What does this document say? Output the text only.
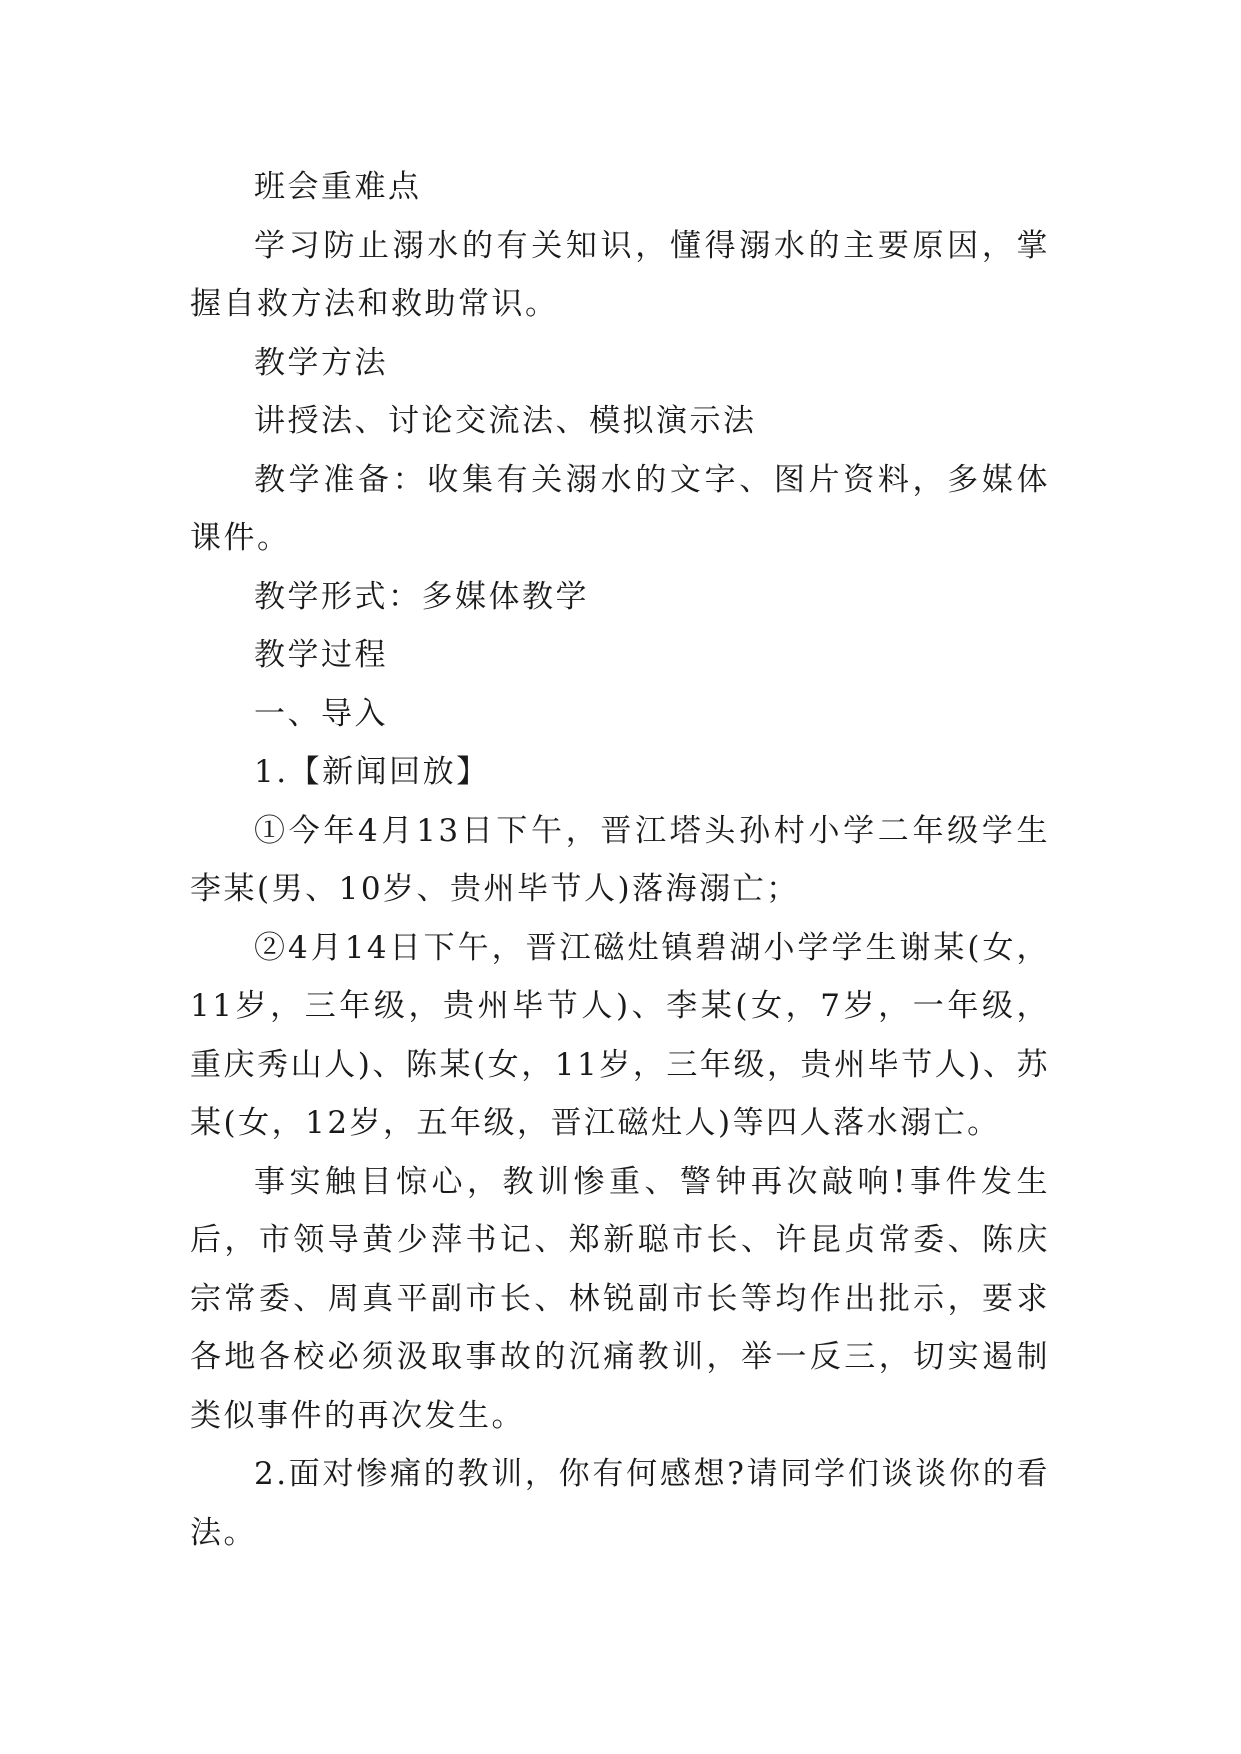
班会重难点

学习防止溺水的有关知识，懂得溺水的主要原因，掌握自救方法和救助常识。

教学方法

讲授法、讨论交流法、模拟演示法

教学准备：收集有关溺水的文字、图片资料，多媒体课件。

教学形式：多媒体教学

教学过程

一、导入

1.【新闻回放】

①今年4月13日下午，晋江塔头孙村小学二年级学生李某(男、10岁、贵州毕节人)落海溺亡；

②4月14日下午，晋江磁灶镇碧湖小学学生谢某(女，11岁，三年级，贵州毕节人)、李某(女，7岁，一年级，重庆秀山人)、陈某(女，11岁，三年级，贵州毕节人)、苏某(女，12岁，五年级，晋江磁灶人)等四人落水溺亡。

事实触目惊心，教训惨重、警钟再次敲响!事件发生后，市领导黄少萍书记、郑新聪市长、许昆贞常委、陈庆宗常委、周真平副市长、林锐副市长等均作出批示，要求各地各校必须汲取事故的沉痛教训，举一反三，切实遏制类似事件的再次发生。

2.面对惨痛的教训，你有何感想?请同学们谈谈你的看法。
